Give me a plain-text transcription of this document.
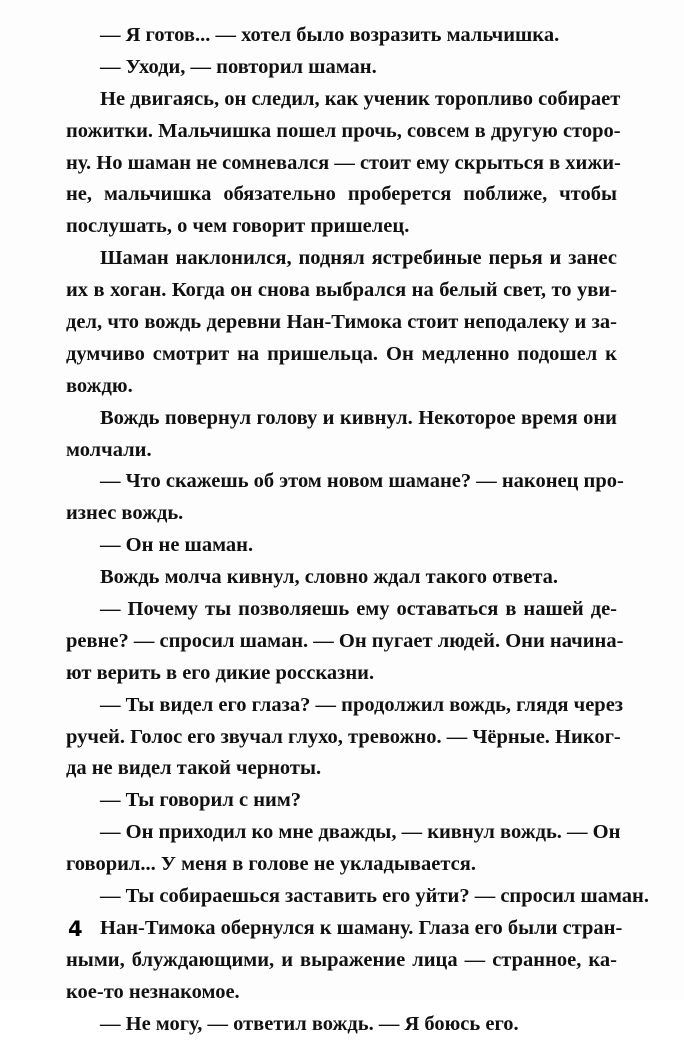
— Я готов... — хотел было возразить мальчишка.
— Уходи, — повторил шаман.
Не двигаясь, он следил, как ученик торопливо собирает
пожитки. Мальчишка пошел прочь, совсем в другую сторо-
ну. Но шаман не сомневался — стоит ему скрыться в хижи-
не, мальчишка обязательно проберется поближе, чтобы
послушать, о чем говорит пришелец.
Шаман наклонился, поднял ястребиные перья и занес
их в хоган. Когда он снова выбрался на белый свет, то уви-
дел, что вождь деревни Нан-Тимока стоит неподалеку и за-
думчиво смотрит на пришельца. Он медленно подошел к
вождю.
Вождь повернул голову и кивнул. Некоторое время они
молчали.
— Что скажешь об этом новом шамане? — наконец про-
изнес вождь.
— Он не шаман.
Вождь молча кивнул, словно ждал такого ответа.
— Почему ты позволяешь ему оставаться в нашей де-
ревне? — спросил шаман. — Он пугает людей. Они начина-
ют верить в его дикие россказни.
— Ты видел его глаза? — продолжил вождь, глядя через
ручей. Голос его звучал глухо, тревожно. — Чёрные. Никог-
да не видел такой черноты.
— Ты говорил с ним?
— Он приходил ко мне дважды, — кивнул вождь. — Он
говорил... У меня в голове не укладывается.
— Ты собираешься заставить его уйти? — спросил шаман.
Нан-Тимока обернулся к шаману. Глаза его были стран-
ными, блуждающими, и выражение лица — странное, ка-
кое-то незнакомое.
— Не могу, — ответил вождь. — Я боюсь его.
4
